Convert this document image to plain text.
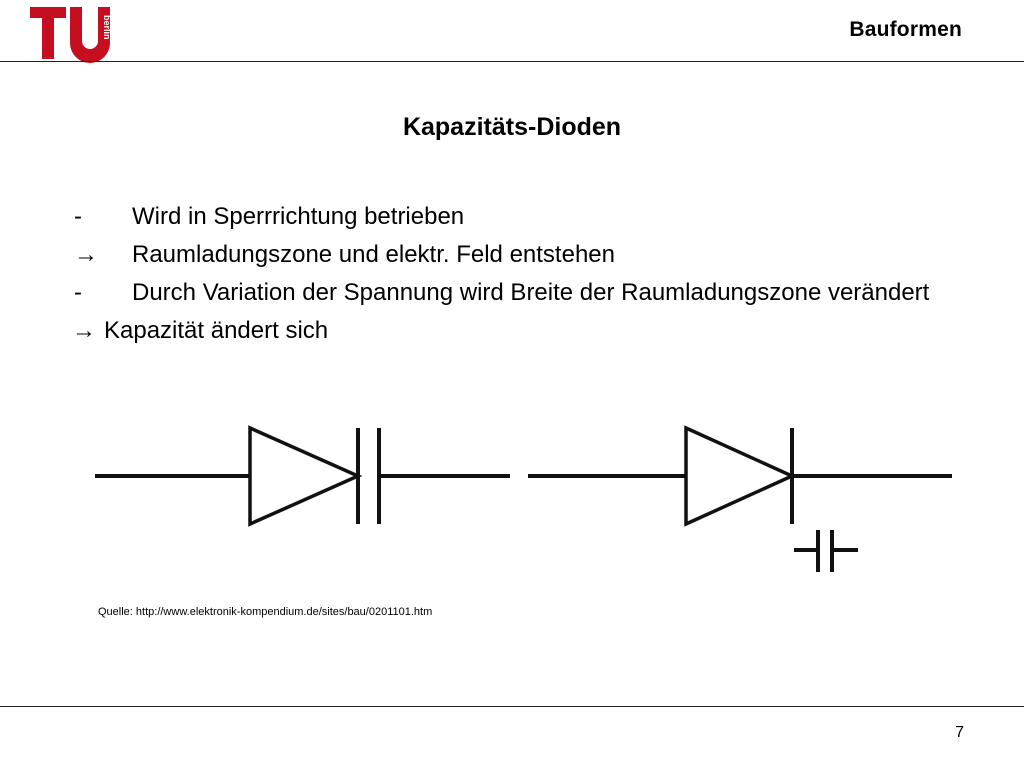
berlin	Bauformen
Kapazitäts-Dioden
- Wird in Sperrrichtung betrieben
→ Raumladungszone und elektr. Feld entstehen
- Durch Variation der Spannung wird Breite der Raumladungszone verändert
→ Kapazität ändert sich
Quelle: http://www.elektronik-kompendium.de/sites/bau/0201101.htm
7
